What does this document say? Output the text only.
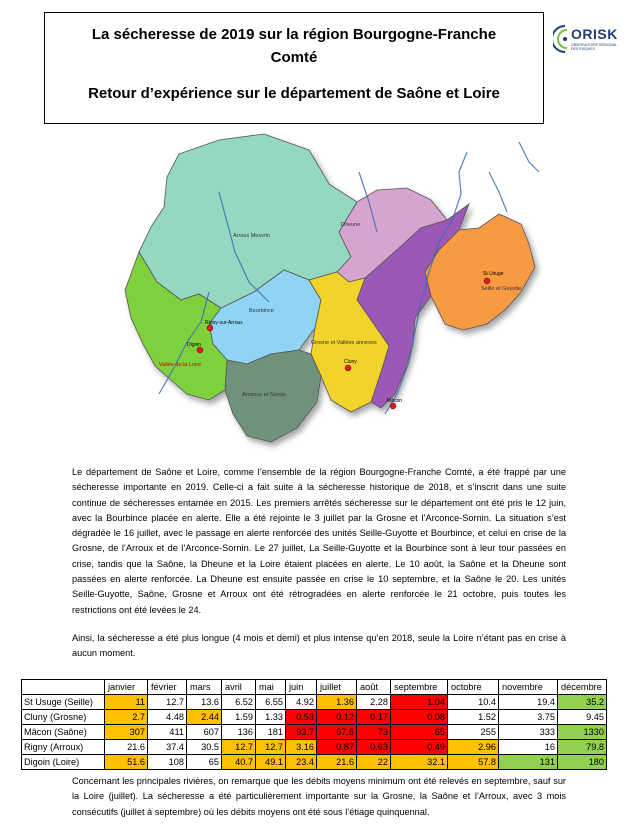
La sécheresse de 2019 sur la région Bourgogne-Franche
Comté
Retour d’expérience sur le département de Saône et Loire
ORISK
OBSERVATOIRE RÉGIONAL DES RISQUES
Arroux Mesvrin
Dheune
Seille et Guyotte
Bourbince
Grosne et Vallées annexes
Arconce et Sornin
Vallée de la Loire
Rigny-sur-Arroux
Digoin
Cluny
Mâcon
St Usuge
Le département de Saône et Loire, comme l’ensemble de la région Bourgogne-Franche Comté, a été frappé par une sécheresse importante en 2019. Celle-ci a fait suite à la sécheresse historique de 2018, et s’inscrit dans une suite continue de sécheresses entamée en 2015. Les premiers arrêtés sécheresse sur le département ont été pris le 12 juin, avec la Bourbince placée en alerte. Elle a été rejointe le 3 juillet par la Grosne et l’Arconce-Sornin. La situation s’est dégradée le 16 juillet, avec le passage en alerte renforcée des unités Seille-Guyotte et Bourbince, et celui en crise de la Grosne, de l’Arroux et de l’Arconce-Sornin. Le 27 juillet, La Seille-Guyotte et la Bourbince sont à leur tour passées en crise, tandis que la Saône, la Dheune et la Loire étaient placées en alerte. Le 10 août, la Saône et la Dheune sont passées en alerte renforcée. La Dheune est ensuite passée en crise le 10 septembre, et la Saône le 20. Les unités Seille-Guyotte, Saône, Grosne et Arroux ont été rétrogradées en alerte renforcée le 21 octobre, puis toutes les restrictions ont été levées le 24.
Ainsi, la sécheresse a été plus longue (4 mois et demi) et plus intense qu’en 2018, seule la Loire n’étant pas en crise à aucun moment.
	janvier	février	mars	avril	mai	juin	juillet	août	septembre	octobre	novembre	décembre
St Usuge (Seille)	11	12.7	13.6	6.52	6.55	4.92	1.36	2.28	1.04	10.4	19.4	35.2
Cluny (Grosne)	2.7	4.48	2.44	1.59	1.33	0.53	0.12	0.17	0.08	1.52	3.75	9.45
Mâcon (Saône)	307	411	607	136	181	93.7	67.6	73	65	255	333	1330
Rigny (Arroux)	21.6	37.4	30.5	12.7	12.7	3.16	0.87	0.63	0.49	2.96	16	79.8
Digoin (Loire)	51.6	108	65	40.7	49.1	23.4	21.6	22	32.1	57.8	131	180
Concernant les principales rivières, on remarque que les débits moyens minimum ont été relevés en septembre, sauf sur la Loire (juillet). La sécheresse a été particulièrement importante sur la Grosne, la Saône et l’Arroux, avec 3 mois consécutifs (juillet à septembre) où les débits moyens ont été sous l’étiage quinquennal.
